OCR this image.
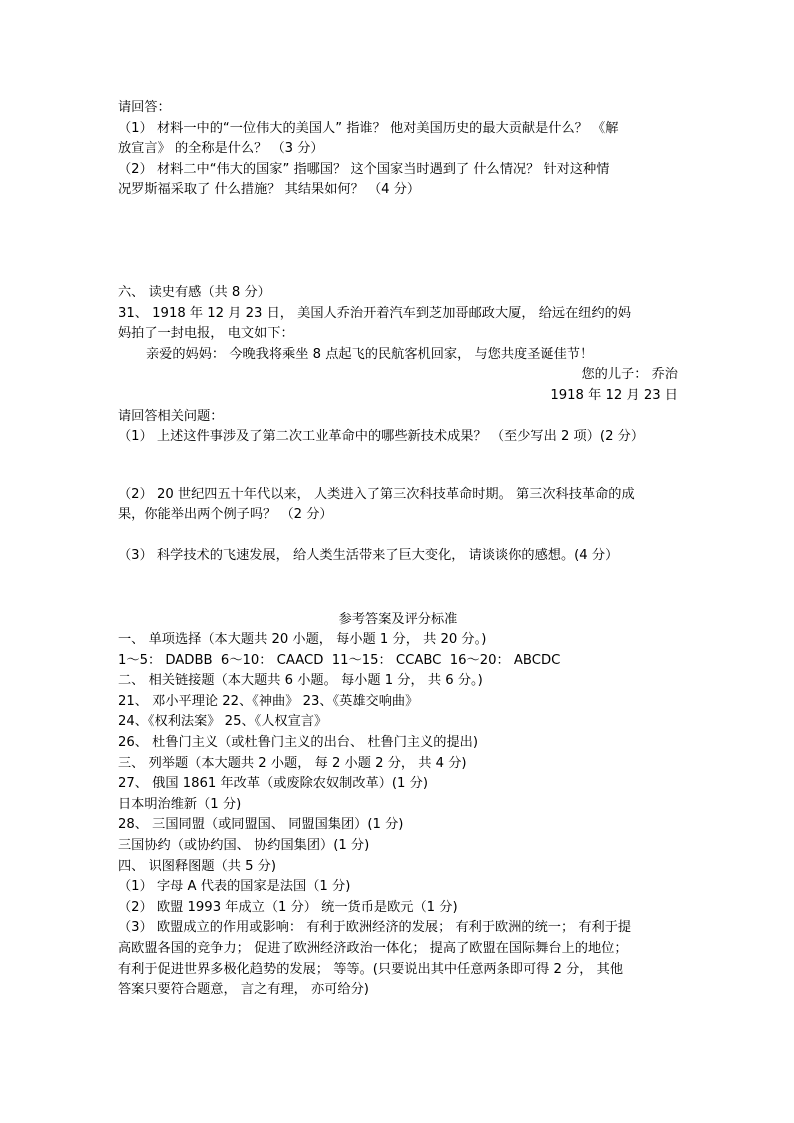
请回答：
（1） 材料一中的“一位伟大的美国人” 指谁？ 他对美国历史的最大贡献是什么？ 《解
放宣言》 的全称是什么？ （3 分）
（2） 材料二中“伟大的国家” 指哪国？ 这个国家当时遇到了 什么情况？ 针对这种情
况罗斯福采取了 什么措施？ 其结果如何？ （4 分）
六、 读史有感（共 8 分）
31、 1918 年 12 月 23 日， 美国人乔治开着汽车到芝加哥邮政大厦， 给远在纽约的妈
妈拍了一封电报， 电文如下：
亲爱的妈妈： 今晚我将乘坐 8 点起飞的民航客机回家， 与您共度圣诞佳节！
您的儿子： 乔治
1918 年 12 月 23 日
请回答相关问题：
（1） 上述这件事涉及了第二次工业革命中的哪些新技术成果？ （至少写出 2 项）(2 分）
（2） 20 世纪四五十年代以来， 人类进入了第三次科技革命时期。 第三次科技革命的成
果，你能举出两个例子吗？ （2 分）
（3） 科学技术的飞速发展， 给人类生活带来了巨大变化， 请谈谈你的感想。(4 分）
参考答案及评分标准
一、 单项选择（本大题共 20 小题， 每小题 1 分， 共 20 分。)
1～5： DADBB  6～10： CAACD  11～15： CCABC  16～20： ABCDC
二、 相关链接题（本大题共 6 小题。 每小题 1 分， 共 6 分。)
21、 邓小平理论 22、《神曲》 23、《英雄交响曲》
24、《权利法案》 25、《人权宣言》
26、 杜鲁门主义（或杜鲁门主义的出台、 杜鲁门主义的提出)
三、 列举题（本大题共 2 小题， 每 2 小题 2 分， 共 4 分)
27、 俄国 1861 年改革（或废除农奴制改革）(1 分)
日本明治维新（1 分)
28、 三国同盟（或同盟国、 同盟国集团）(1 分)
三国协约（或协约国、 协约国集团）(1 分)
四、 识图释图题（共 5 分)
（1） 字母 A 代表的国家是法国（1 分)
（2） 欧盟 1993 年成立（1 分） 统一货币是欧元（1 分)
（3） 欧盟成立的作用或影响： 有利于欧洲经济的发展； 有利于欧洲的统一； 有利于提
高欧盟各国的竞争力； 促进了欧洲经济政治一体化； 提高了欧盟在国际舞台上的地位；
有利于促进世界多极化趋势的发展； 等等。(只要说出其中任意两条即可得 2 分， 其他
答案只要符合题意， 言之有理， 亦可给分)
